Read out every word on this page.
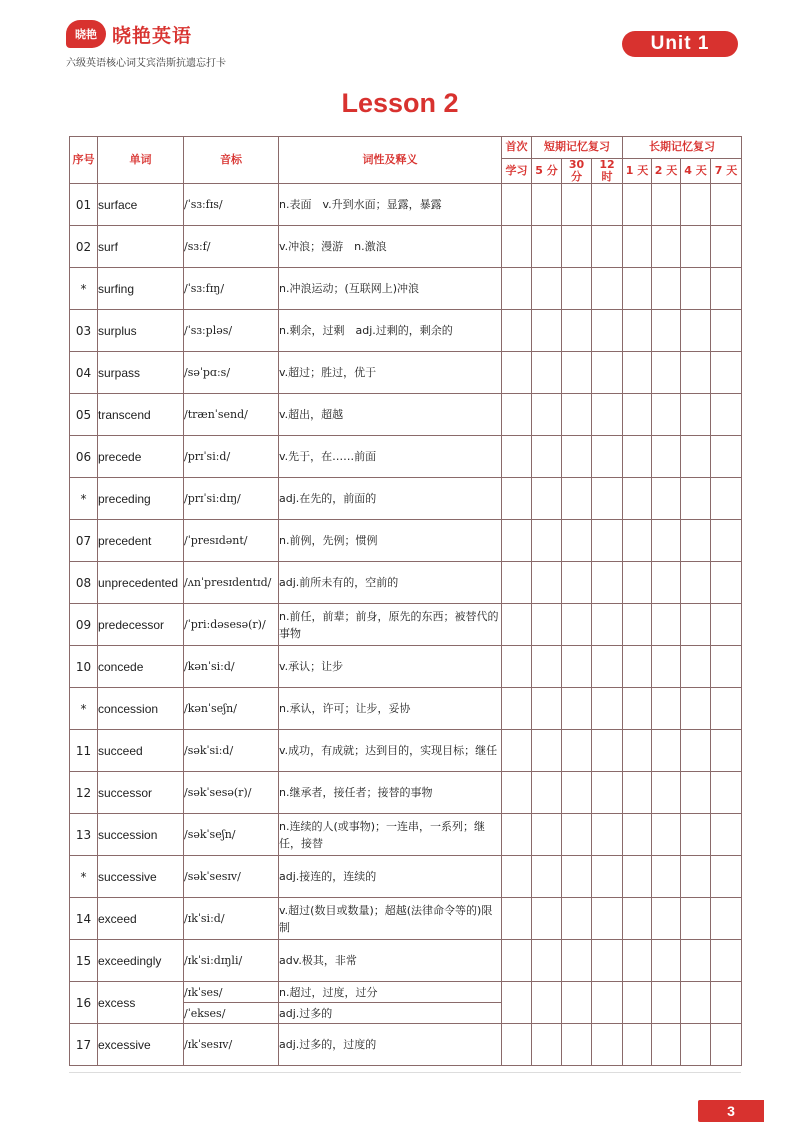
晓艳 晓艳英语
六级英语核心词艾宾浩斯抗遗忘打卡
Unit 1
Lesson 2
序号	单词	音标	词性及释义	首次	短期记忆复习			长期记忆复习			
				学习	5 分	30 分	12 时	1 天	2 天	4 天	7 天
01	surface	/ˈsɜːfɪs/	n.表面　v.升到水面；显露，暴露								
02	surf	/sɜːf/	v.冲浪；漫游　n.激浪								
*	surfing	/ˈsɜːfɪŋ/	n.冲浪运动；(互联网上)冲浪								
03	surplus	/ˈsɜːpləs/	n.剩余，过剩　adj.过剩的，剩余的								
04	surpass	/səˈpɑːs/	v.超过；胜过，优于								
05	transcend	/trænˈsend/	v.超出，超越								
06	precede	/prɪˈsiːd/	v.先于，在……前面								
*	preceding	/prɪˈsiːdɪŋ/	adj.在先的，前面的								
07	precedent	/ˈpresɪdənt/	n.前例，先例；惯例								
08	unprecedented	/ʌnˈpresɪdentɪd/	adj.前所未有的，空前的								
09	predecessor	/ˈpriːdəsesə(r)/	n.前任，前辈；前身，原先的东西；被替代的事物								
10	concede	/kənˈsiːd/	v.承认；让步								
*	concession	/kənˈseʃn/	n.承认，许可；让步，妥协								
11	succeed	/səkˈsiːd/	v.成功，有成就；达到目的，实现目标；继任								
12	successor	/səkˈsesə(r)/	n.继承者，接任者；接替的事物								
13	succession	/səkˈseʃn/	n.连续的人(或事物)；一连串，一系列；继任，接替								
*	successive	/səkˈsesɪv/	adj.接连的，连续的								
14	exceed	/ɪkˈsiːd/	v.超过(数目或数量)；超越(法律命令等的)限制								
15	exceedingly	/ɪkˈsiːdɪŋli/	adv.极其，非常								
16	excess	/ɪkˈses/	n.超过，过度，过分								
		/ˈekses/	adj.过多的								
17	excessive	/ɪkˈsesɪv/	adj.过多的，过度的								
3
